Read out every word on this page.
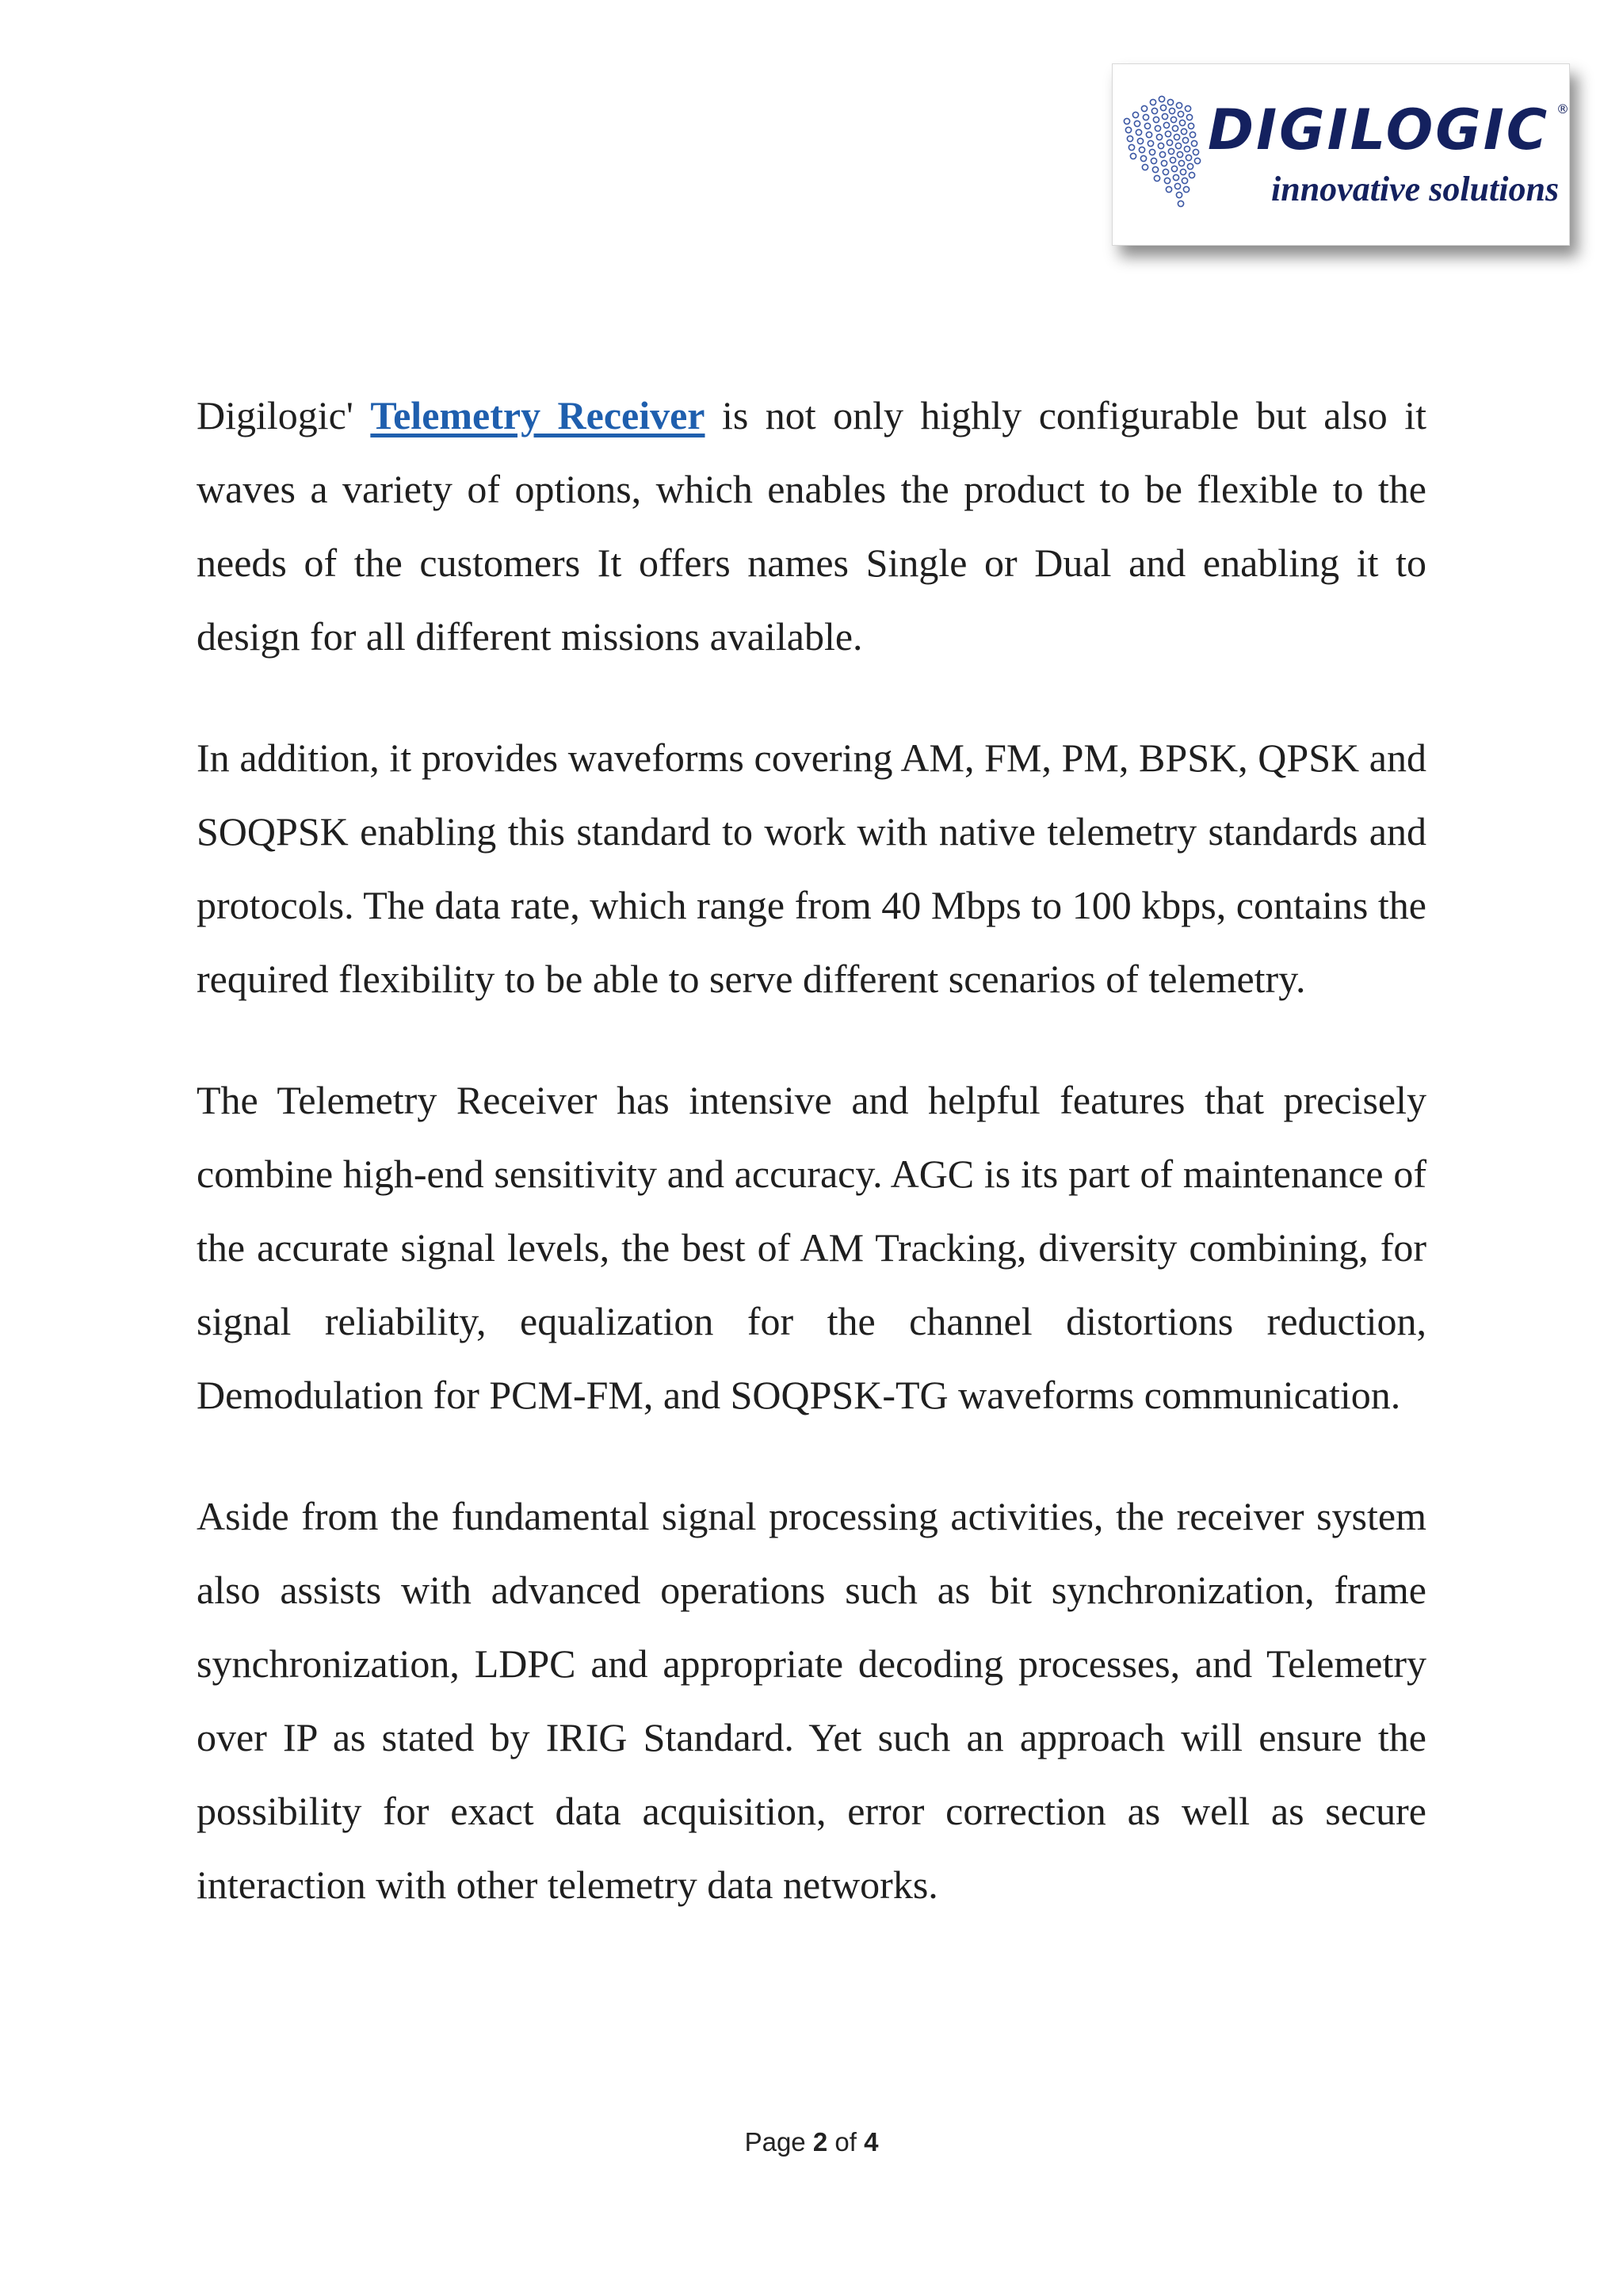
DIGILOGIC ®
innovative solutions

Digilogic' Telemetry Receiver is not only highly configurable but also it waves a variety of options, which enables the product to be flexible to the needs of the customers It offers names Single or Dual and enabling it to design for all different missions available.

In addition, it provides waveforms covering AM, FM, PM, BPSK, QPSK and SOQPSK enabling this standard to work with native telemetry standards and protocols. The data rate, which range from 40 Mbps to 100 kbps, contains the required flexibility to be able to serve different scenarios of telemetry.

The Telemetry Receiver has intensive and helpful features that precisely combine high-end sensitivity and accuracy. AGC is its part of maintenance of the accurate signal levels, the best of AM Tracking, diversity combining, for signal reliability, equalization for the channel distortions reduction, Demodulation for PCM-FM, and SOQPSK-TG waveforms communication.

Aside from the fundamental signal processing activities, the receiver system also assists with advanced operations such as bit synchronization, frame synchronization, LDPC and appropriate decoding processes, and Telemetry over IP as stated by IRIG Standard. Yet such an approach will ensure the possibility for exact data acquisition, error correction as well as secure interaction with other telemetry data networks.

Page 2 of 4
